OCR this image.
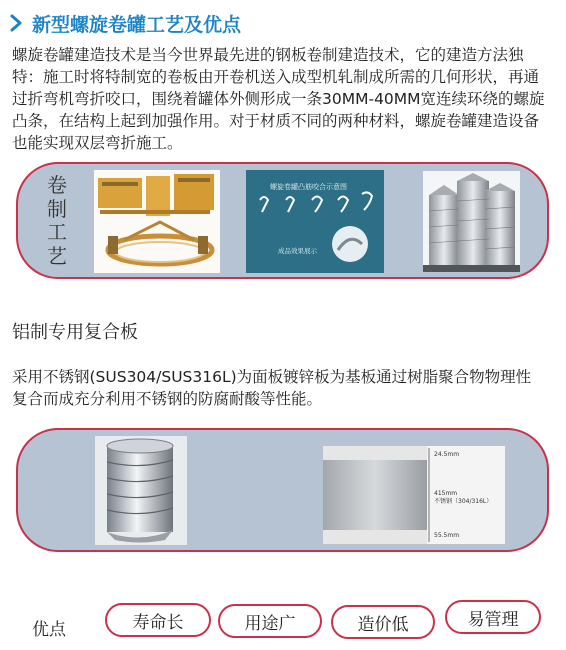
新型螺旋卷罐工艺及优点

螺旋卷罐建造技术是当今世界最先进的钢板卷制建造技术，它的建造方法独特：施工时将特制宽的卷板由开卷机送入成型机轧制成所需的几何形状，再通过折弯机弯折咬口，围绕着罐体外侧形成一条30MM-40MM宽连续环绕的螺旋凸条，在结构上起到加强作用。对于材质不同的两种材料，螺旋卷罐建造设备也能实现双层弯折施工。

卷制工艺
螺旋卷罐凸筋咬合示意图
成品效果展示
铝制专用复合板

采用不锈钢(SUS304/SUS316L)为面板镀锌板为基板通过树脂聚合物物理性复合而成充分利用不锈钢的防腐耐酸等性能。

24.5mm
415mm
不锈钢（304/316L）
55.5mm
优点	寿命长	用途广	造价低	易管理
